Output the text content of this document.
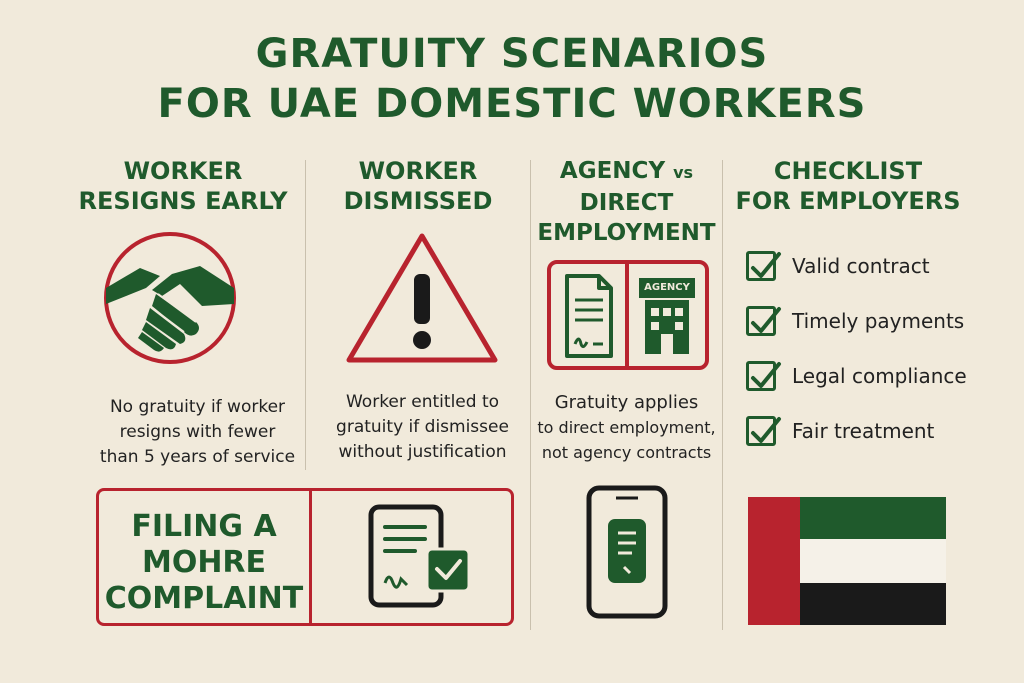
GRATUITY SCENARIOS
FOR UAE DOMESTIC WORKERS
WORKER
RESIGNS EARLY
No gratuity if worker
resigns with fewer
than 5 years of service
WORKER
DISMISSED
Worker entitled to
gratuity if dismissee
without justification
AGENCY vs
DIRECT
EMPLOYMENT
AGENCY
Gratuity applies
to direct employment,
not agency contracts
CHECKLIST
FOR EMPLOYERS
Valid contract
Timely payments
Legal compliance
Fair treatment
FILING A
MOHRE
COMPLAINT
